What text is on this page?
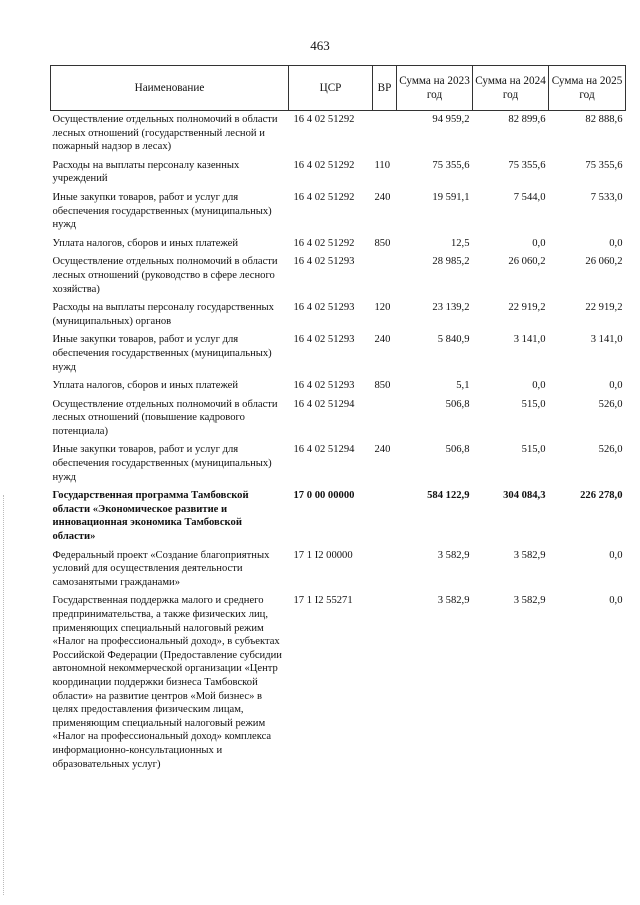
463
Наименование	ЦСР	ВР	Сумма на 2023 год	Сумма на 2024 год	Сумма на 2025 год
Осуществление отдельных полномочий в области лесных отношений (государственный лесной и пожарный надзор в лесах)	16 4 02 51292		94 959,2	82 899,6	82 888,6
Расходы на выплаты персоналу казенных учреждений	16 4 02 51292	110	75 355,6	75 355,6	75 355,6
Иные закупки товаров, работ и услуг для обеспечения государственных (муниципальных) нужд	16 4 02 51292	240	19 591,1	7 544,0	7 533,0
Уплата налогов, сборов и иных платежей	16 4 02 51292	850	12,5	0,0	0,0
Осуществление отдельных полномочий в области лесных отношений (руководство в сфере лесного хозяйства)	16 4 02 51293		28 985,2	26 060,2	26 060,2
Расходы на выплаты персоналу государственных (муниципальных) органов	16 4 02 51293	120	23 139,2	22 919,2	22 919,2
Иные закупки товаров, работ и услуг для обеспечения государственных (муниципальных) нужд	16 4 02 51293	240	5 840,9	3 141,0	3 141,0
Уплата налогов, сборов и иных платежей	16 4 02 51293	850	5,1	0,0	0,0
Осуществление отдельных полномочий в области лесных отношений (повышение кадрового потенциала)	16 4 02 51294		506,8	515,0	526,0
Иные закупки товаров, работ и услуг для обеспечения государственных (муниципальных) нужд	16 4 02 51294	240	506,8	515,0	526,0
Государственная программа Тамбовской области «Экономическое развитие и инновационная экономика Тамбовской области»	17 0 00 00000		584 122,9	304 084,3	226 278,0
Федеральный проект «Создание благоприятных условий для осуществления деятельности самозанятыми гражданами»	17 1 I2 00000		3 582,9	3 582,9	0,0
Государственная поддержка малого и среднего предпринимательства, а также физических лиц, применяющих специальный налоговый режим «Налог на профессиональный доход», в субъектах Российской Федерации (Предоставление субсидии автономной некоммерческой организации «Центр координации поддержки бизнеса Тамбовской области» на развитие центров «Мой бизнес» в целях предоставления физическим лицам, применяющим специальный налоговый режим «Налог на профессиональный доход» комплекса информационно-консультационных и образовательных услуг)	17 1 I2 55271		3 582,9	3 582,9	0,0
